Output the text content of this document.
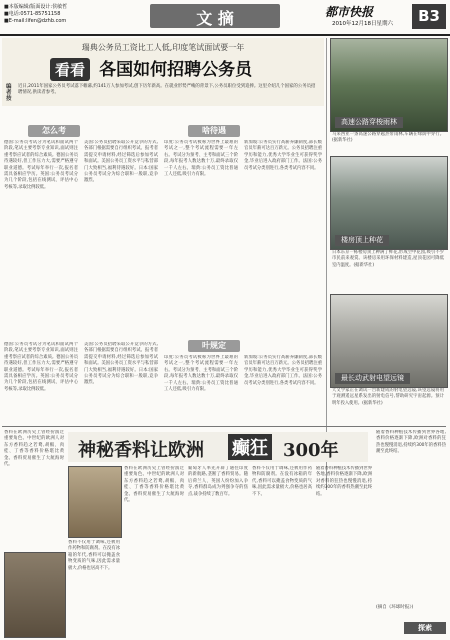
■本版编辑/版面设计:侯敏哲
■电话:0571-85751158
■E-mail:lifen@dzhb.com	文 摘	都市快报
2010年12月18日星期六	B3
瑞典公务员工资比工人低,印度笔试面试要一年
看看 各国如何招聘公务员
编者按
近日,2011年国家公务员考试落下帷幕,约141万人参加考试,创下历年新高。在就业形势严峻的背景下,公务员职位受到追捧。这里介绍几个国家的公务员招聘情况,供读者参考。
怎么考	啥待遇
叶规定
德国:公务员考试分为笔试和面试两个阶段,笔试主要考察专业知识,面试则注重考察应试者的综合素质。德国公务员待遇较好,但工作压力大,需要严格遵守职业道德。考试每年举行一次,报名者需具备相应学历。英国:公务员考试分为几个阶段,包括在线测试、评估中心考核等,录取比例较低。
美国:公务员招聘采取公开竞争的方式,各部门根据需要自行组织考试。报考者需提交申请材料,经过筛选后参加考试和面试。美国公务员工资水平与私营部门大致相当,福利待遇较好。日本:国家公务员考试分为综合职和一般职,竞争激烈。
印度:公务员考试被称为世界上最难的考试之一,整个考试流程需要一年左右。考试分为预考、主考和面试三个阶段,每年报考人数达数十万,最终录取仅一千人左右。瑞典:公务员工资比普通工人还低,吸引力有限。
新加坡:公务员实行高薪养廉制度,部长级官员年薪可达百万新元。公务员招聘注重学历和能力,优秀大学毕业生可获得奖学金,毕业后进入政府部门工作。法国:公务员考试分类别进行,各类考试内容不同。
印度:公务员考试被称为世界上最难的考试之一,整个考试流程需要一年左右。考试分为预考、主考和面试三个阶段,每年报考人数达数十万,最终录取仅一千人左右。瑞典:公务员工资比普通工人还低,吸引力有限。
新加坡:公务员实行高薪养廉制度,部长级官员年薪可达百万新元。公务员招聘注重学历和能力,优秀大学毕业生可获得奖学金,毕业后进入政府部门工作。法国:公务员考试分类别进行,各类考试内容不同。
德国:公务员考试分为笔试和面试两个阶段,笔试主要考察专业知识,面试则注重考察应试者的综合素质。德国公务员待遇较好,但工作压力大,需要严格遵守职业道德。考试每年举行一次,报名者需具备相应学历。英国:公务员考试分为几个阶段,包括在线测试、评估中心考核等,录取比例较低。
美国:公务员招聘采取公开竞争的方式,各部门根据需要自行组织考试。报考者需提交申请材料,经过筛选后参加考试和面试。美国公务员工资水平与私营部门大致相当,福利待遇较好。日本:国家公务员考试分为综合职和一般职,竞争激烈。
高速公路穿梭雨林
马来西亚一条高速公路穿越热带雨林,车辆在绿荫中穿行。(据新华社)
楼房顶上种花
日本东京一栋楼房顶上种满了鲜花,形成空中花园,吸引不少市民前来观赏。该楼房采用环保材料建造,屋顶花园可降低室内温度。(据新华社)
最长动武射电望远镜
天文学家正在调试一台新建成的射电望远镜,该望远镜将用于观测遥远星系发出的射电信号,帮助研究宇宙起源。预计明年投入使用。(据新华社)
香料在欧洲历史上曾经扮演过重要角色。中世纪的欧洲人对东方香料趋之若鹜,胡椒、肉桂、丁香等香料价格堪比黄金。香料贸易催生了大航海时代。
神秘香料让欧洲 癫狂 300年
香料在欧洲历史上曾经扮演过重要角色。中世纪的欧洲人对东方香料趋之若鹜,胡椒、肉桂、丁香等香料价格堪比黄金。香料贸易催生了大航海时代。
葡萄牙人率先开辟了通往印度的新航路,垄断了香料贸易。随后荷兰人、英国人纷纷加入争夺,香料群岛成为列强争夺的焦点,战争持续了数百年。
香料不仅用于调味,还被用作药物和防腐剂。在没有冰箱的年代,香料可以掩盖食物变质的气味,因此需求量极大,价格也居高不下。
随着香料种植技术传播到世界各地,香料价格逐渐下降,欧洲对香料的狂热也慢慢消退,持续约300年的香料热潮至此终结。
香料不仅用于调味,还被用作药物和防腐剂。在没有冰箱的年代,香料可以掩盖食物变质的气味,因此需求量极大,价格也居高不下。
随着香料种植技术传播到世界各地,香料价格逐渐下降,欧洲对香料的狂热也慢慢消退,持续约300年的香料热潮至此终结。
(摘自《环球时报》)
探索
